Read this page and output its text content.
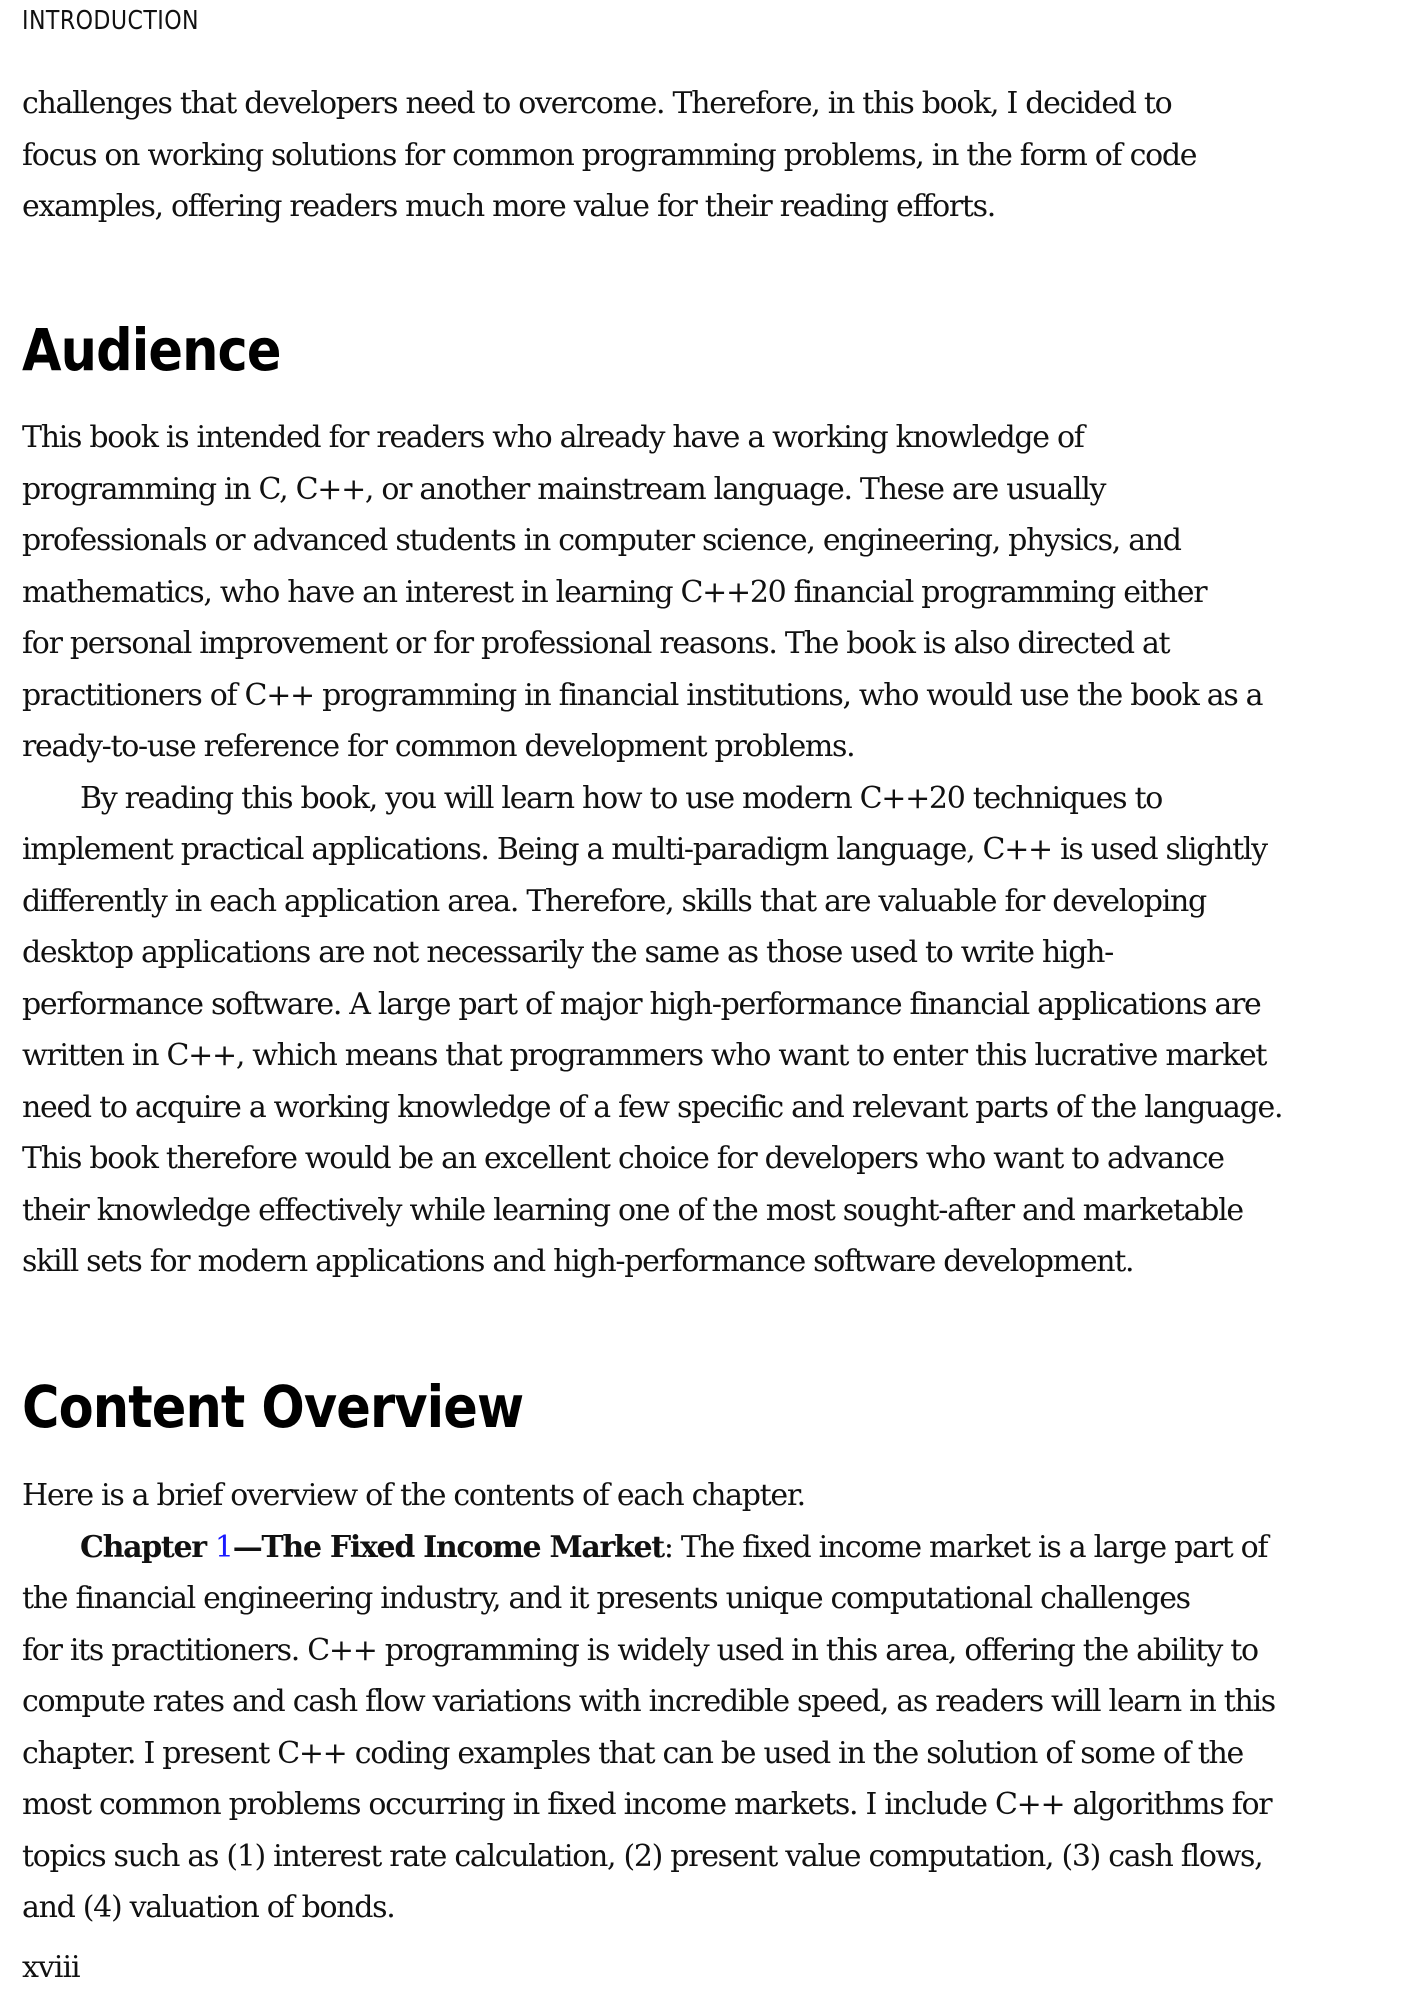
INTRODUCTION
challenges that developers need to overcome. Therefore, in this book, I decided to
focus on working solutions for common programming problems, in the form of code
examples, offering readers much more value for their reading efforts.
Audience
This book is intended for readers who already have a working knowledge of
programming in C, C++, or another mainstream language. These are usually
professionals or advanced students in computer science, engineering, physics, and
mathematics, who have an interest in learning C++20 financial programming either
for personal improvement or for professional reasons. The book is also directed at
practitioners of C++ programming in financial institutions, who would use the book as a
ready-to-use reference for common development problems.
By reading this book, you will learn how to use modern C++20 techniques to
implement practical applications. Being a multi-paradigm language, C++ is used slightly
differently in each application area. Therefore, skills that are valuable for developing
desktop applications are not necessarily the same as those used to write high-
performance software. A large part of major high-performance financial applications are
written in C++, which means that programmers who want to enter this lucrative market
need to acquire a working knowledge of a few specific and relevant parts of the language.
This book therefore would be an excellent choice for developers who want to advance
their knowledge effectively while learning one of the most sought-after and marketable
skill sets for modern applications and high-performance software development.
Content Overview
Here is a brief overview of the contents of each chapter.
Chapter 1—The Fixed Income Market: The fixed income market is a large part of
the financial engineering industry, and it presents unique computational challenges
for its practitioners. C++ programming is widely used in this area, offering the ability to
compute rates and cash flow variations with incredible speed, as readers will learn in this
chapter. I present C++ coding examples that can be used in the solution of some of the
most common problems occurring in fixed income markets. I include C++ algorithms for
topics such as (1) interest rate calculation, (2) present value computation, (3) cash flows,
and (4) valuation of bonds.
xviii
